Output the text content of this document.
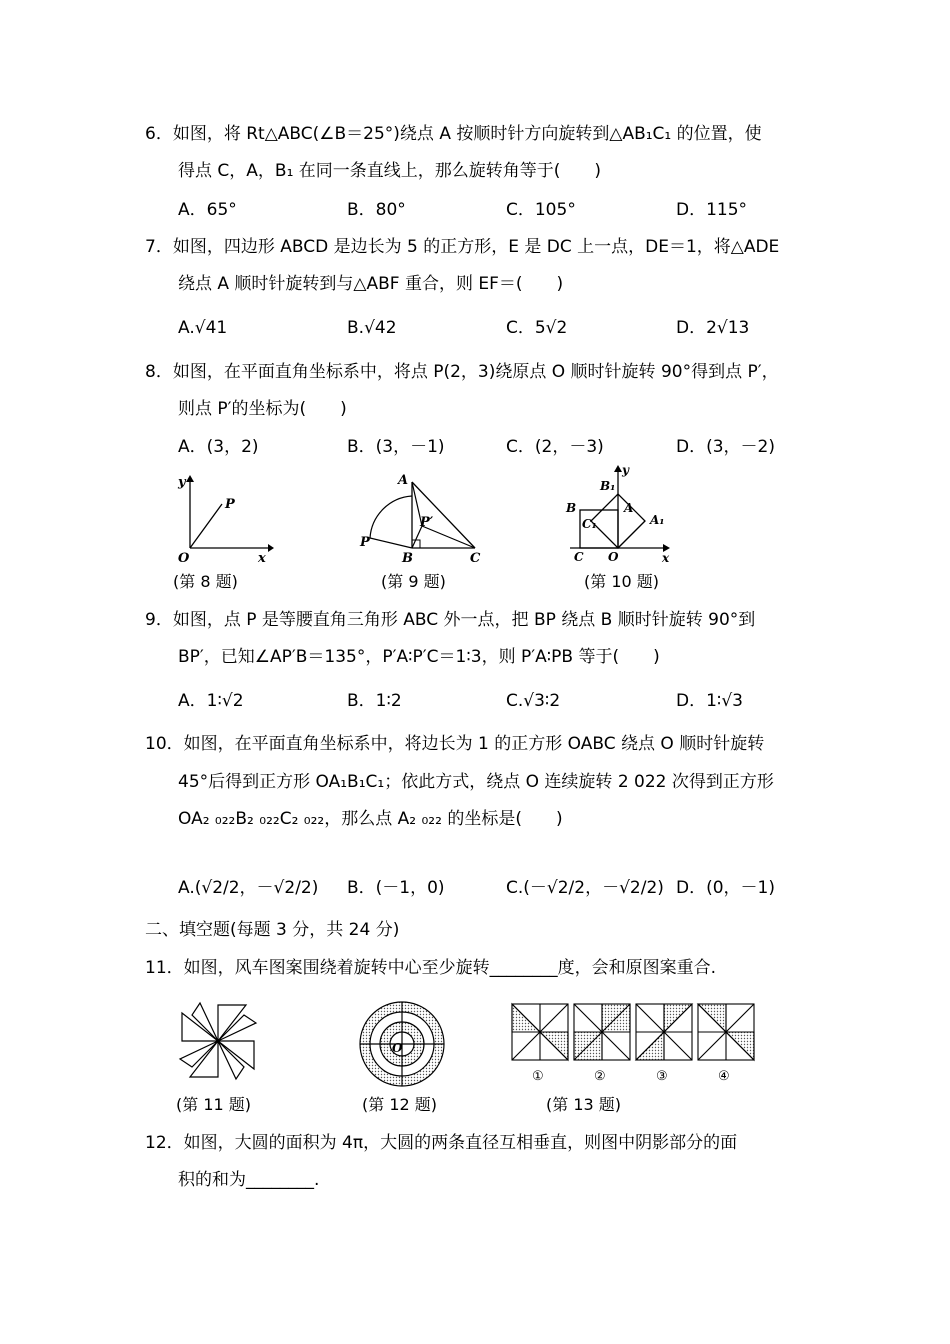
6．如图，将 Rt△ABC(∠B＝25°)绕点 A 按顺时针方向旋转到△AB₁C₁ 的位置，使
得点 C，A，B₁ 在同一条直线上，那么旋转角等于(　　)
A．65°	B．80°	C．105°	D．115°
7．如图，四边形 ABCD 是边长为 5 的正方形，E 是 DC 上一点，DE＝1，将△ADE
绕点 A 顺时针旋转到与△ABF 重合，则 EF＝(　　)
A.√41	B.√42	C．5√2	D．2√13
8．如图，在平面直角坐标系中，将点 P(2，3)绕原点 O 顺时针旋转 90°得到点 P′，
则点 P′的坐标为(　　)
A．(3，2)	B．(3，－1)	C．(2，－3)	D．(3，－2)
y
x
O
P
A
P
P′
B	C
y
x
B₁
B	A
A₁
C₁
C O
(第 8 题)	(第 9 题)	(第 10 题)
9．如图，点 P 是等腰直角三角形 ABC 外一点，把 BP 绕点 B 顺时针旋转 90°到
BP′，已知∠AP′B＝135°，P′A∶P′C＝1∶3，则 P′A∶PB 等于(　　)
A．1∶√2	B．1∶2	C.√3∶2	D．1∶√3
10．如图，在平面直角坐标系中，将边长为 1 的正方形 OABC 绕点 O 顺时针旋转
45°后得到正方形 OA₁B₁C₁；依此方式，绕点 O 连续旋转 2 022 次得到正方形
OA₂ ₀₂₂B₂ ₀₂₂C₂ ₀₂₂，那么点 A₂ ₀₂₂ 的坐标是(　　)
A.(√2/2，－√2/2) B．(－1，0)	C.(－√2/2，－√2/2) D．(0，－1)
二、填空题(每题 3 分，共 24 分)
11．如图，风车图案围绕着旋转中心至少旋转________度，会和原图案重合.
O
①	②	③	④
(第 11 题)	(第 12 题)	(第 13 题)
12．如图，大圆的面积为 4π，大圆的两条直径互相垂直，则图中阴影部分的面
积的和为________.
